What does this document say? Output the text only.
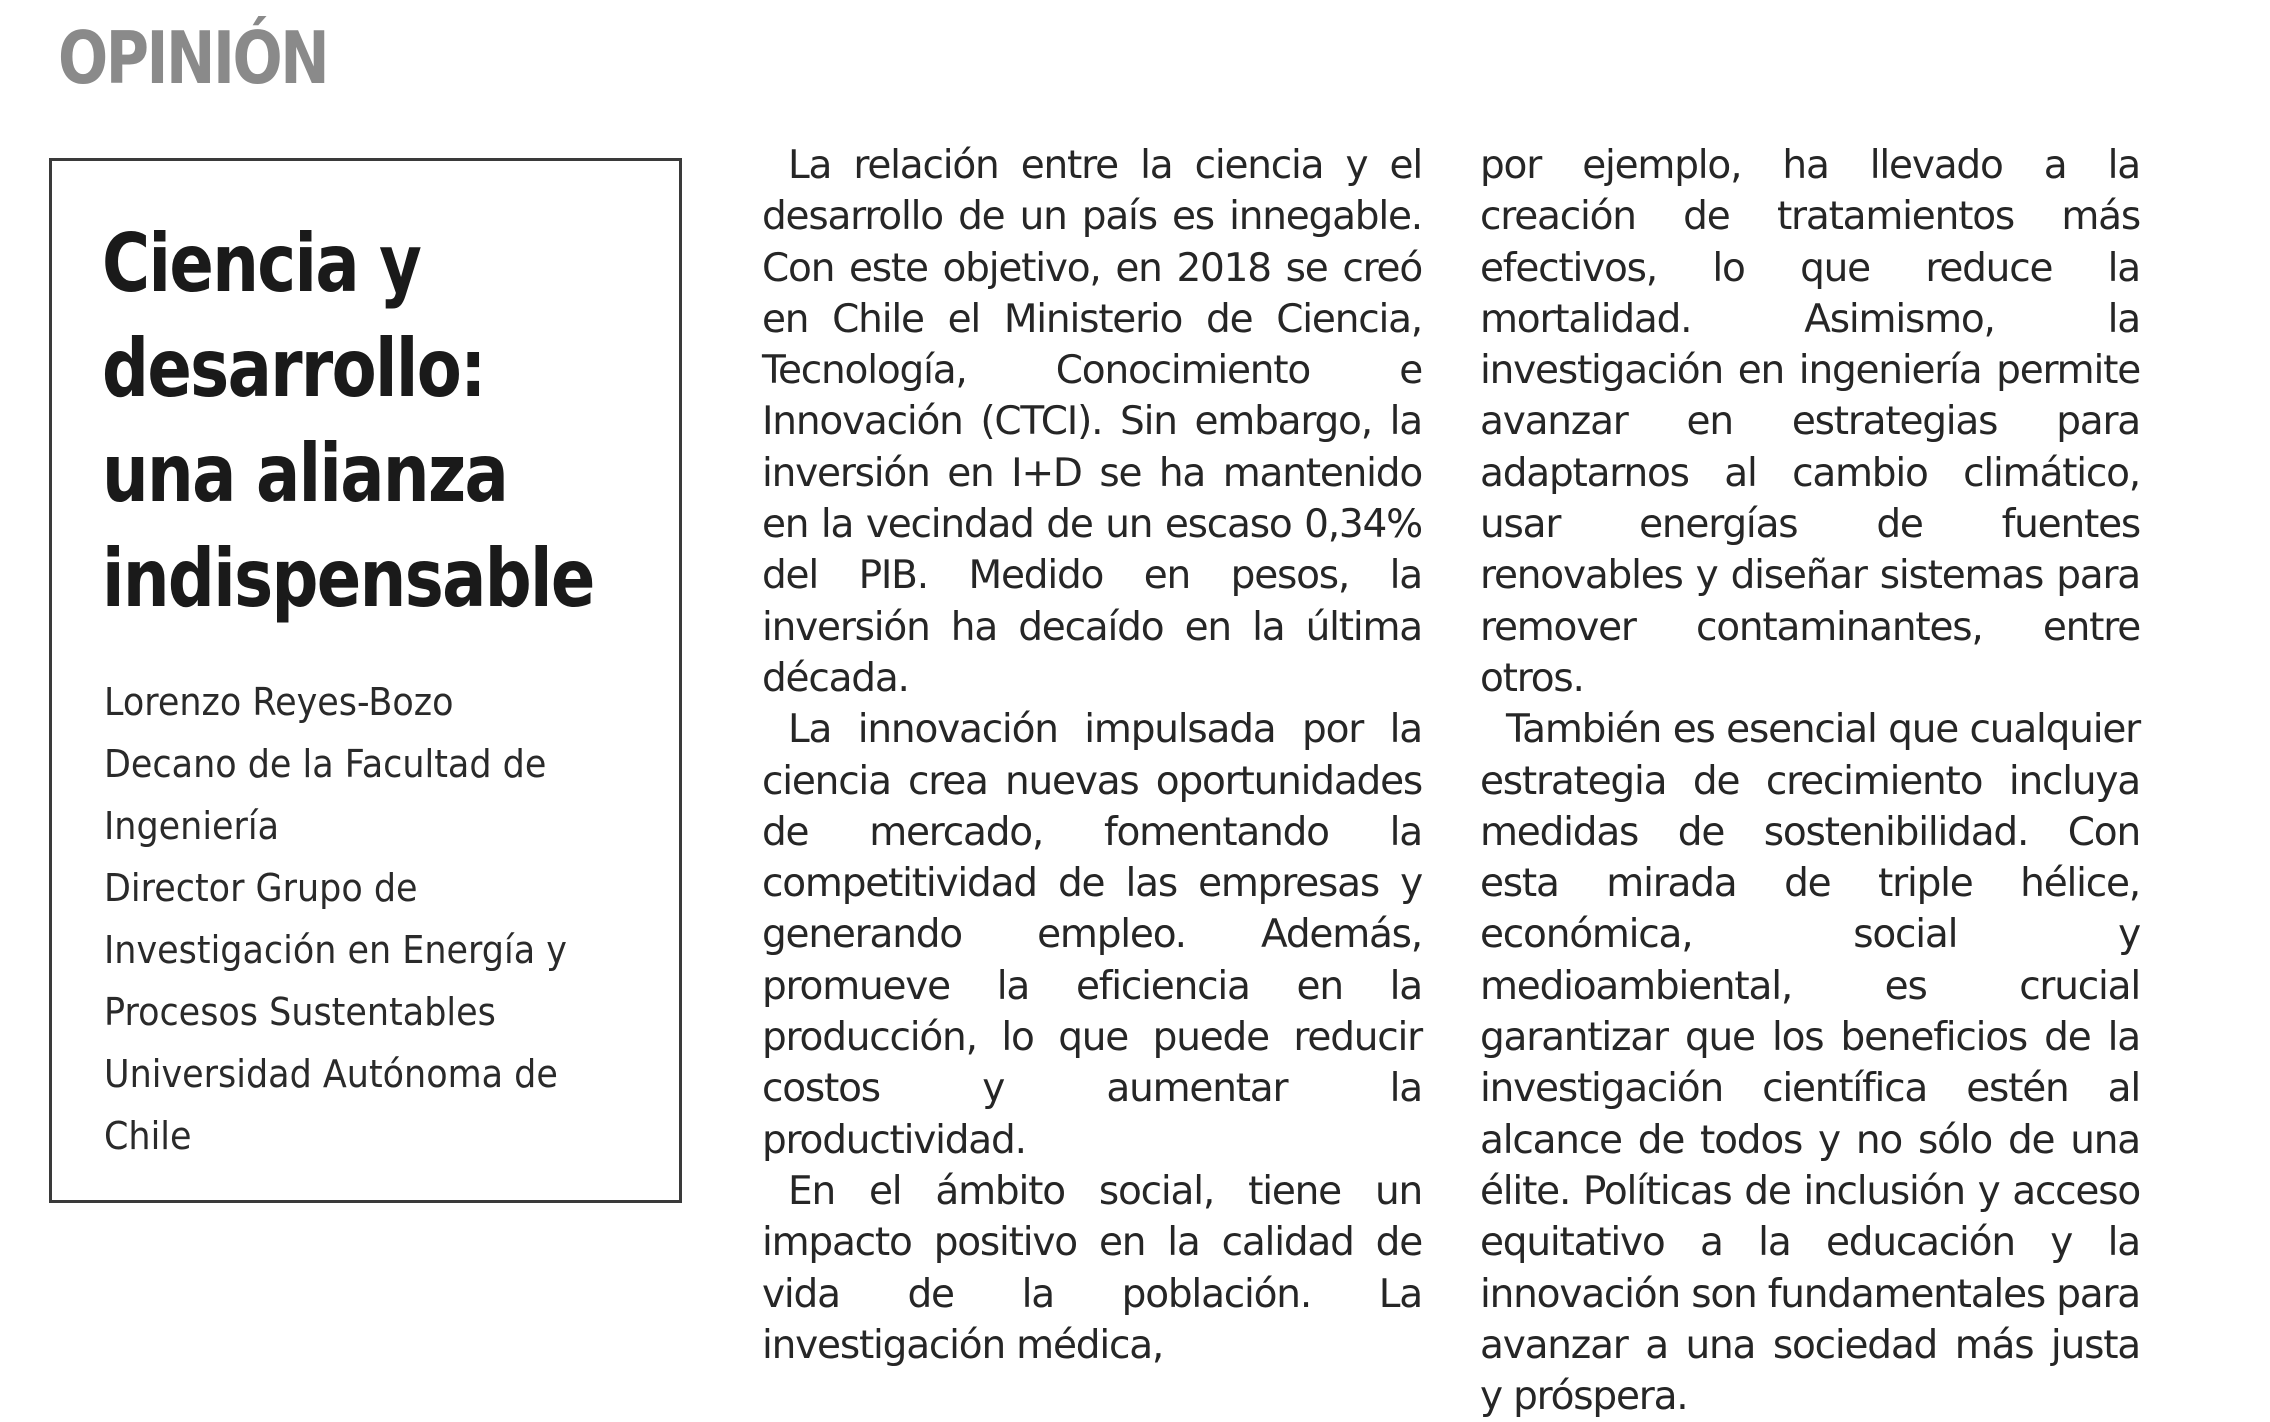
OPINIÓN
Ciencia y
desarrollo:
una alianza
indispensable
Lorenzo Reyes-Bozo
Decano de la Facultad de
Ingeniería
Director Grupo de
Investigación en Energía y
Procesos Sustentables
Universidad Autónoma de
Chile

La relación entre la ciencia y el desarrollo de un país es innegable. Con este objetivo, en 2018 se creó en Chile el Ministerio de Ciencia, Tecnología, Conocimiento e Innovación (CTCI). Sin embargo, la inversión en I+D se ha mantenido en la vecindad de un escaso 0,34% del PIB. Medido en pesos, la inversión ha decaído en la última década.

La innovación impulsada por la ciencia crea nuevas oportunidades de mercado, fomentando la competitividad de las empresas y generando empleo. Además, promueve la eficiencia en la producción, lo que puede reducir costos y aumentar la productividad.

En el ámbito social, tiene un impacto positivo en la calidad de vida de la población. La investigación médica,

por ejemplo, ha llevado a la creación de tratamientos más efectivos, lo que reduce la mortalidad. Asimismo, la investigación en ingeniería permite avanzar en estrategias para adaptarnos al cambio climático, usar energías de fuentes renovables y diseñar sistemas para remover contaminantes, entre otros.

También es esencial que cualquier estrategia de crecimiento incluya medidas de sostenibilidad. Con esta mirada de triple hélice, económica, social y medioambiental, es crucial garantizar que los beneficios de la investigación científica estén al alcance de todos y no sólo de una élite. Políticas de inclusión y acceso equitativo a la educación y la innovación son fundamentales para avanzar a una sociedad más justa y próspera.
